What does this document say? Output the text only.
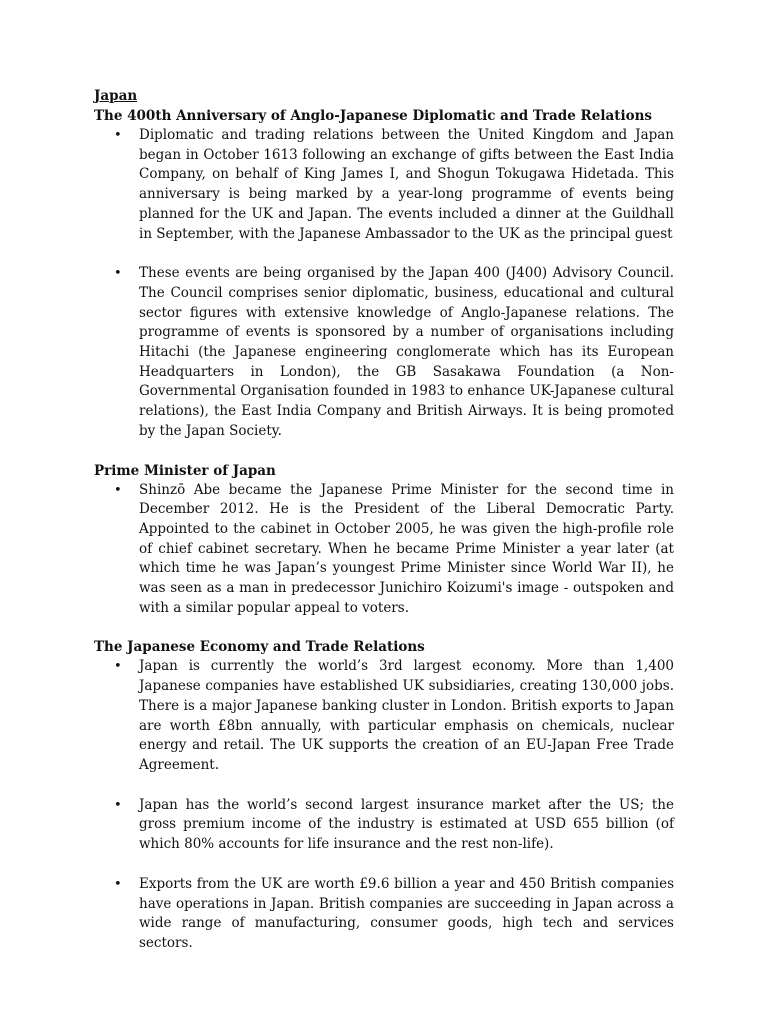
Japan

The 400th Anniversary of Anglo-Japanese Diplomatic and Trade Relations

• Diplomatic and trading relations between the United Kingdom and Japan began in October 1613 following an exchange of gifts between the East India Company, on behalf of King James I, and Shogun Tokugawa Hidetada. This anniversary is being marked by a year-long programme of events being planned for the UK and Japan. The events included a dinner at the Guildhall in September, with the Japanese Ambassador to the UK as the principal guest
• These events are being organised by the Japan 400 (J400) Advisory Council. The Council comprises senior diplomatic, business, educational and cultural sector figures with extensive knowledge of Anglo-Japanese relations. The programme of events is sponsored by a number of organisations including Hitachi (the Japanese engineering conglomerate which has its European Headquarters in London), the GB Sasakawa Foundation (a Non-Governmental Organisation founded in 1983 to enhance UK-Japanese cultural relations), the East India Company and British Airways. It is being promoted by the Japan Society.

Prime Minister of Japan

• Shinzō Abe became the Japanese Prime Minister for the second time in December 2012. He is the President of the Liberal Democratic Party. Appointed to the cabinet in October 2005, he was given the high-profile role of chief cabinet secretary. When he became Prime Minister a year later (at which time he was Japan’s youngest Prime Minister since World War II), he was seen as a man in predecessor Junichiro Koizumi's image - outspoken and with a similar popular appeal to voters.

The Japanese Economy and Trade Relations

• Japan is currently the world’s 3rd largest economy. More than 1,400 Japanese companies have established UK subsidiaries, creating 130,000 jobs. There is a major Japanese banking cluster in London. British exports to Japan are worth £8bn annually, with particular emphasis on chemicals, nuclear energy and retail. The UK supports the creation of an EU-Japan Free Trade Agreement.
• Japan has the world’s second largest insurance market after the US; the gross premium income of the industry is estimated at USD 655 billion (of which 80% accounts for life insurance and the rest non-life).
• Exports from the UK are worth £9.6 billion a year and 450 British companies have operations in Japan. British companies are succeeding in Japan across a wide range of manufacturing, consumer goods, high tech and services sectors.
